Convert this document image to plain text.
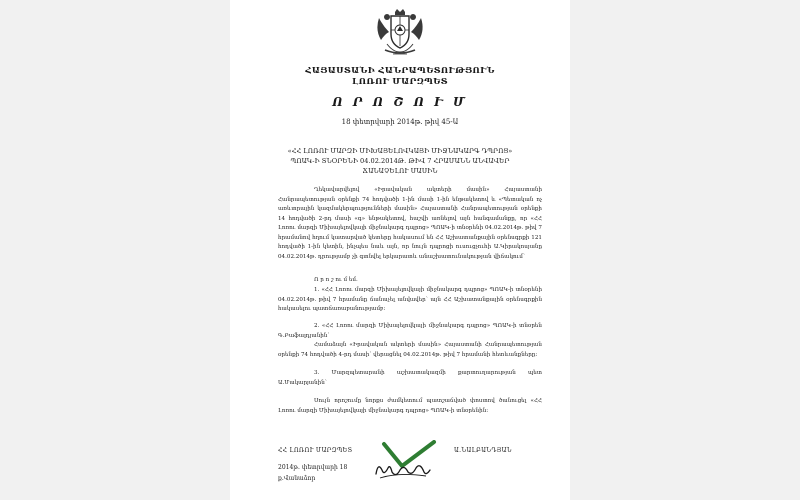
ՀԱՅԱՍՏԱՆԻ ՀԱՆՐԱՊԵՏՈՒԹՅՈՒՆ
ԼՈՌՈՒ ՄԱՐԶՊԵՏ
Ո Ր Ո Շ Ո Ւ Մ
18 փետրվարի 2014թ. թիվ 45-Ա
«ՀՀ ԼՈՌՈՒ ՄԱՐԶԻ ՄԻԽԱՅԵԼՈՎԿԱՅԻ ՄԻՋՆԱԿԱՐԳ ԴՊՐՈՑ»
ՊՈԱԿ-Ի ՏՆՕՐԵՆԻ 04.02.2014Թ. ԹԻՎ 7 ՀՐԱՄԱՆՆ ԱՆՎԱՎԵՐ
ՃԱՆԱՉԵԼՈՒ ՄԱՍԻՆ

Ղեկավարվելով «Իրավական ակտերի մասին» Հայաստանի Հանրապետության օրենքի 74 հոդվածի 1-ին մասի 1-ին ենթակետով և «Պետական ոչ առևտրային կազմակերպությունների մասին» Հայաստանի Հանրապետության օրենքի 14 հոդվածի 2-րդ մասի «գ» ենթակետով, հաշվի առնելով այն հանգամանքը, որ «ՀՀ Լոռու մարզի Միխայելովկայի միջնակարգ դպրոց» ՊՈԱԿ-ի տնօրենի 04.02.2014թ. թիվ 7 հրամանով հղում կատարված կետերը հակասում են ՀՀ Աշխատանքային օրենսգրքի 121 հոդվածի 1-ին կետին, ինչպես նաև այն, որ նույն դպրոցի ուսուցչուհի Ա.Կիրակոսյանը 04.02.2014թ. դրությամբ չի գտնվել երկարատև անաշխատունակության վիճակում՝

Ո ր ո շ ու մ եմ.

1. «ՀՀ Լոռու մարզի Միխայելովկայի միջնակարգ դպրոց» ՊՈԱԿ-ի տնօրենի 04.02.2014թ. թիվ 7 հրամանը ճանաչել անվավեր՝ այն ՀՀ Աշխատանքային օրենսգրքին հակասելու պատճառաբանությամբ:

2. «ՀՀ Լոռու մարզի Միխայելովկայի միջնակարգ դպրոց» ՊՈԱԿ-ի տնօրեն Գ.Բաֆալդյանին՝

Համաձայն «Իրավական ակտերի մասին» Հայաստանի Հանրապետության օրենքի 74 հոդվածի 4-րդ մասի՝ վերացնել 04.02.2014թ. թիվ 7 հրամանի հետևանքները:

3. Մարզպետարանի աշխատակազմի քարտուղարության պետ Ա.Մակարյանին՝

Սույն որոշումը նորքս ժամկետում պատշաճված փոստով ծանուցել «ՀՀ Լոռու մարզի Միխայելովկայի միջնակարգ դպրոց» ՊՈԱԿ-ի տնօրենին:

ՀՀ ԼՈՌՈՒ ՄԱՐԶՊԵՏ	Ա.ՆԱԼԲԱՆԴՅԱՆ
2014թ. փետրվարի 18
ք.Վանաձոր
